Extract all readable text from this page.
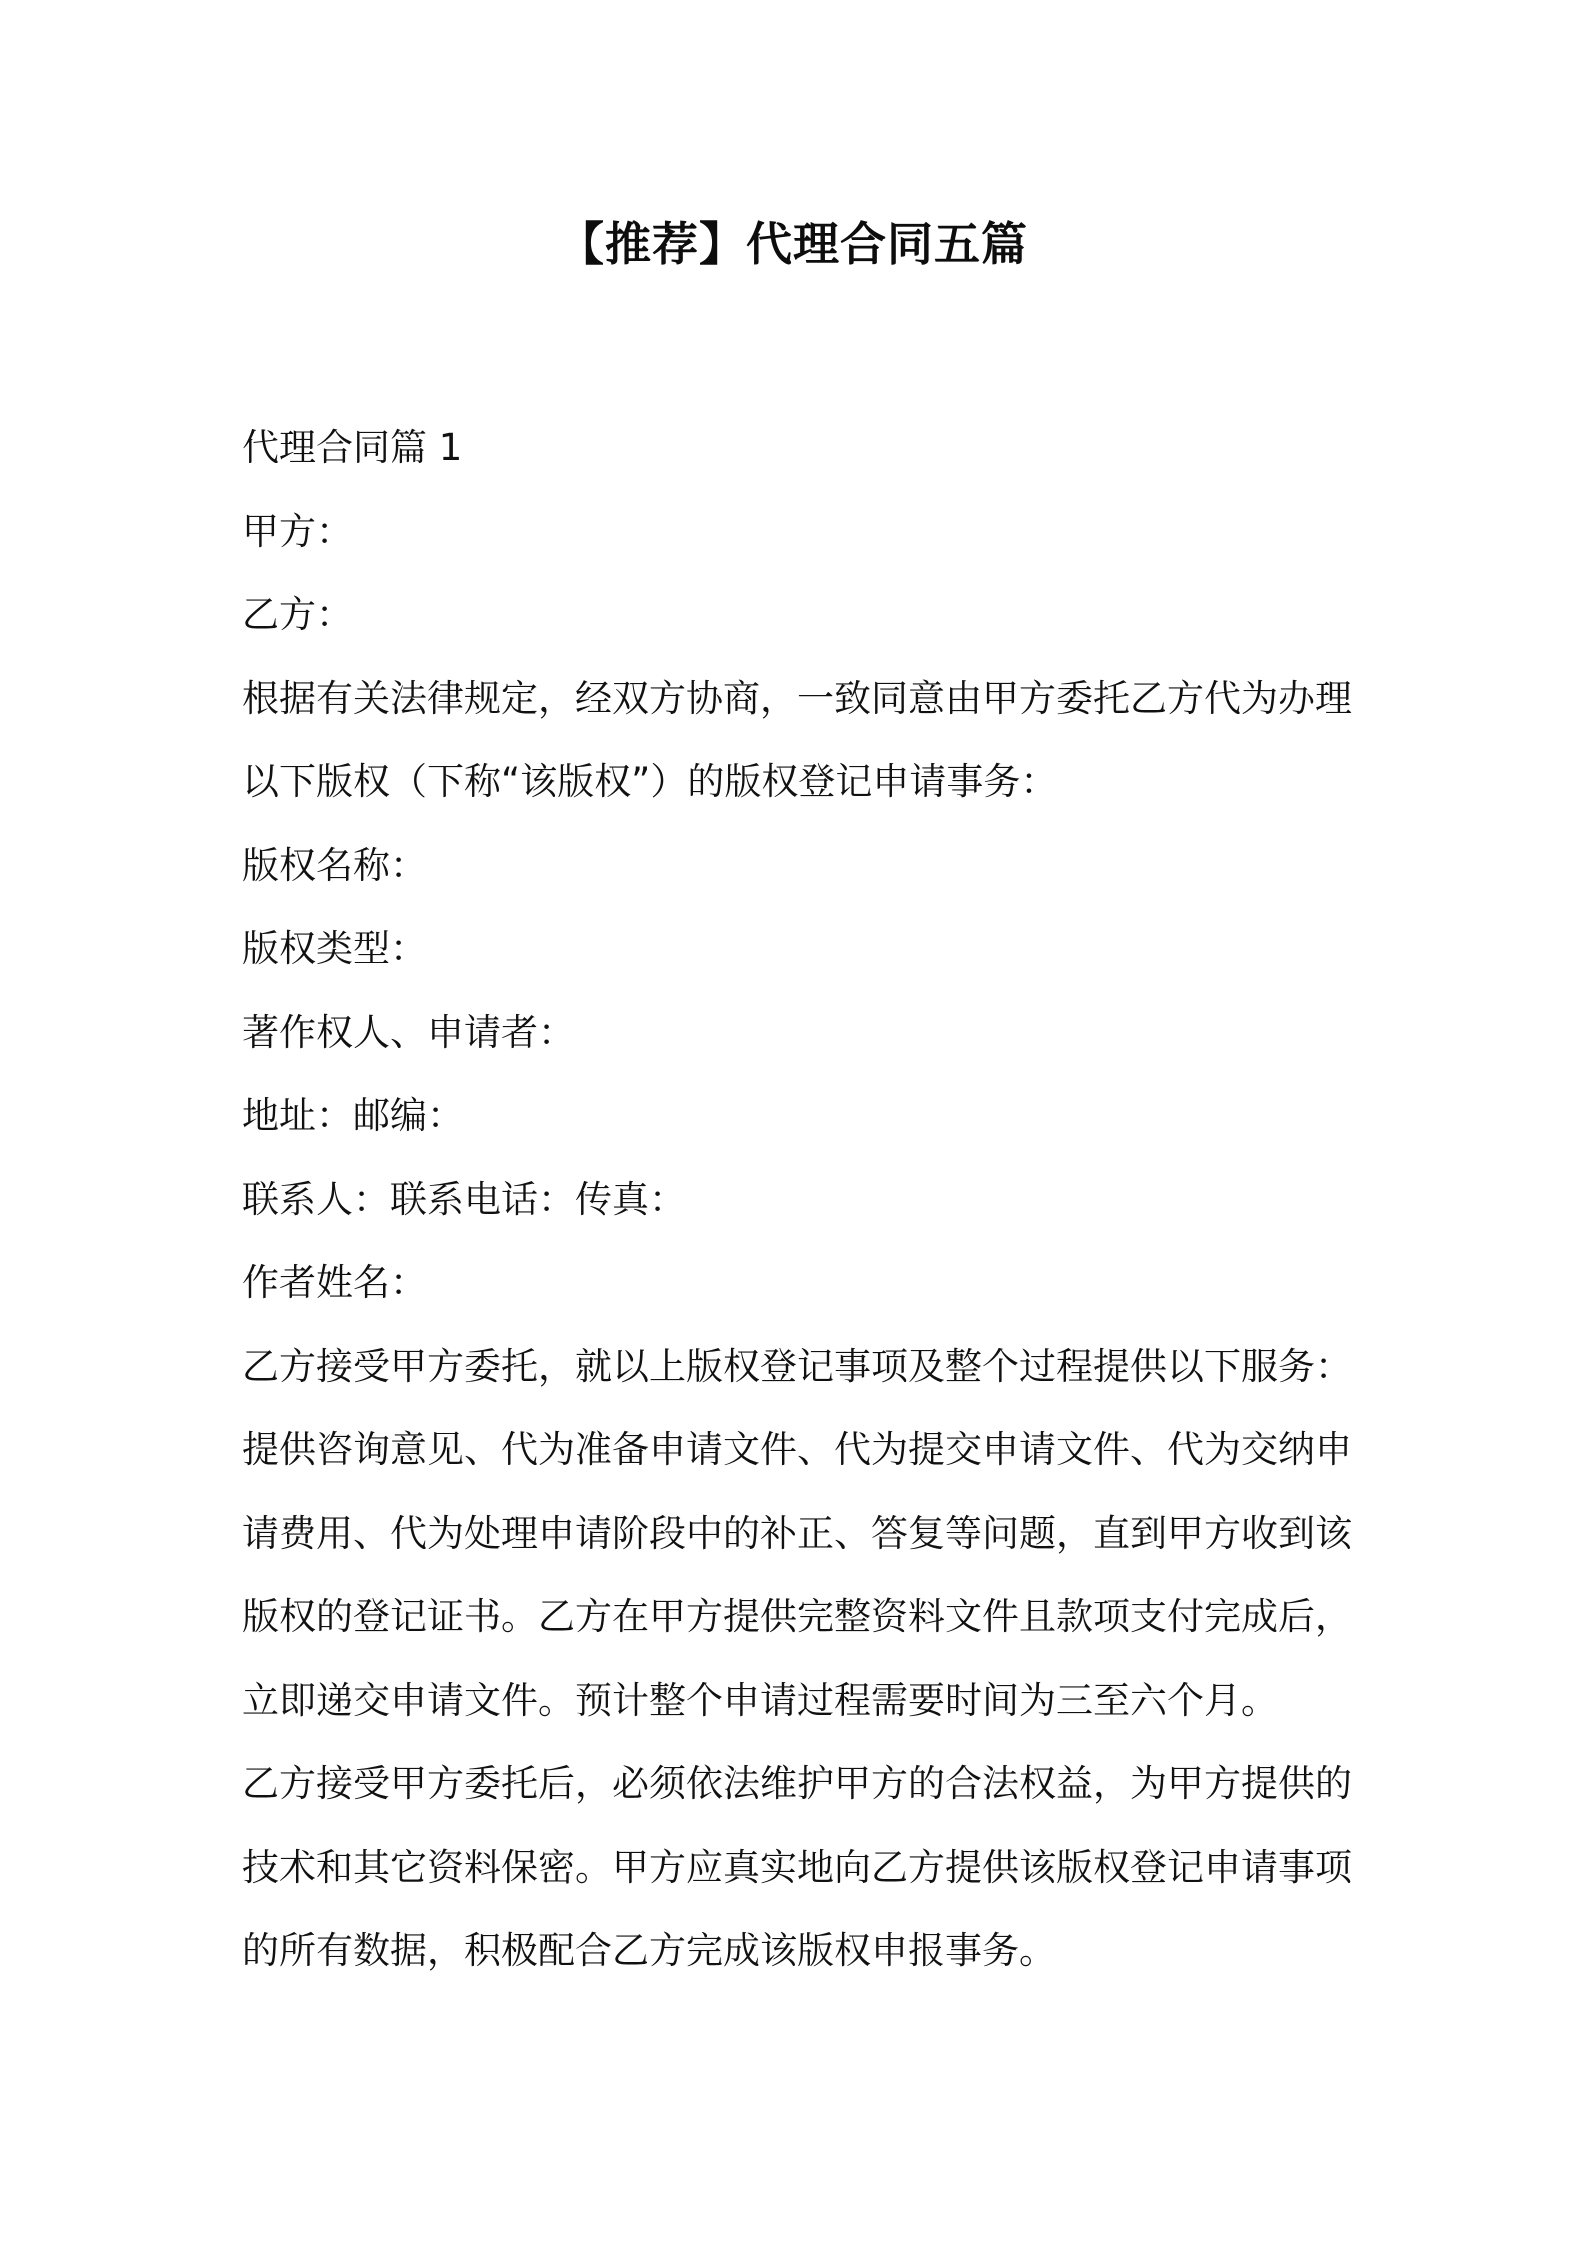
【推荐】代理合同五篇
代理合同篇 1
甲方：
乙方：
根据有关法律规定，经双方协商，一致同意由甲方委托乙方代为办理
以下版权（下称“该版权”）的版权登记申请事务：
版权名称：
版权类型：
著作权人、申请者：
地址：邮编：
联系人：联系电话：传真：
作者姓名：
乙方接受甲方委托，就以上版权登记事项及整个过程提供以下服务：
提供咨询意见、代为准备申请文件、代为提交申请文件、代为交纳申
请费用、代为处理申请阶段中的补正、答复等问题，直到甲方收到该
版权的登记证书。乙方在甲方提供完整资料文件且款项支付完成后，
立即递交申请文件。预计整个申请过程需要时间为三至六个月。
乙方接受甲方委托后，必须依法维护甲方的合法权益，为甲方提供的
技术和其它资料保密。甲方应真实地向乙方提供该版权登记申请事项
的所有数据，积极配合乙方完成该版权申报事务。
